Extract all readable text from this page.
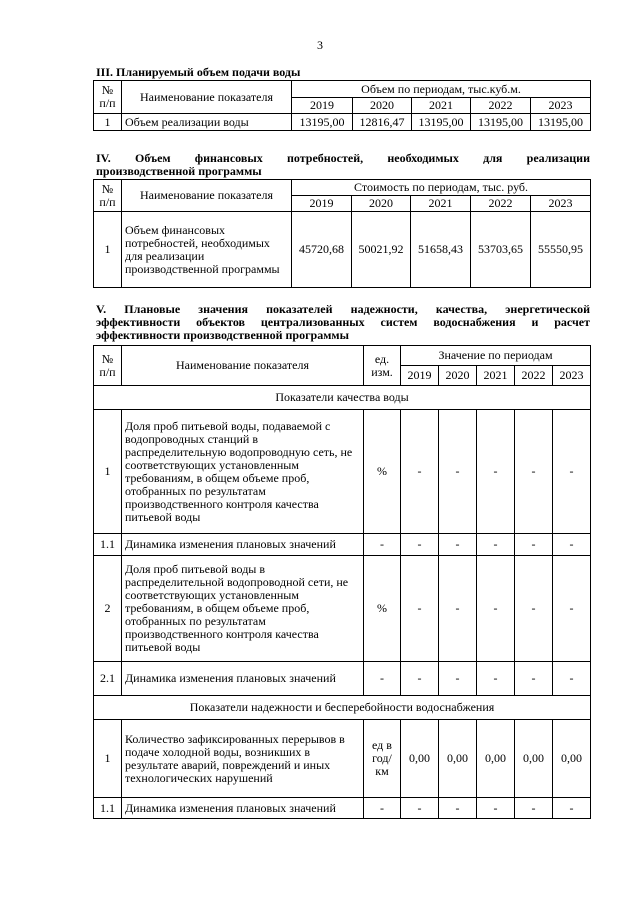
3
III. Планируемый объем подачи воды
№ п/п	Наименование показателя	Объем по периодам, тыс.куб.м.				
		2019	2020	2021	2022	2023
1	Объем реализации воды	13195,00	12816,47	13195,00	13195,00	13195,00
IV. Объем финансовых потребностей, необходимых для реализации
производственной программы
№ п/п	Наименование показателя	Стоимость по периодам, тыс. руб.				
		2019	2020	2021	2022	2023
1	Объем финансовых потребностей, необходимых для реализации производственной программы	45720,68	50021,92	51658,43	53703,65	55550,95
V. Плановые значения показателей надежности, качества, энергетической
эффективности объектов централизованных систем водоснабжения и расчет
эффективности производственной программы
№ п/п	Наименование показателя	ед. изм.	Значение по периодам				
			2019	2020	2021	2022	2023
Показатели качества воды							
1	Доля проб питьевой воды, подаваемой с водопроводных станций в распределительную водопроводную сеть, не соответствующих установленным требованиям, в общем объеме проб, отобранных по результатам производственного контроля качества питьевой воды	%	-	-	-	-	-
1.1	Динамика изменения плановых значений	-	-	-	-	-	-
2	Доля проб питьевой воды в распределительной водопроводной сети, не соответствующих установленным требованиям, в общем объеме проб, отобранных по результатам производственного контроля качества питьевой воды	%	-	-	-	-	-
2.1	Динамика изменения плановых значений	-	-	-	-	-	-
Показатели надежности и бесперебойности водоснабжения							
1	Количество зафиксированных перерывов в подаче холодной воды, возникших в результате аварий, повреждений и иных технологических нарушений	ед в год/ км	0,00	0,00	0,00	0,00	0,00
1.1	Динамика изменения плановых значений	-	-	-	-	-	-
